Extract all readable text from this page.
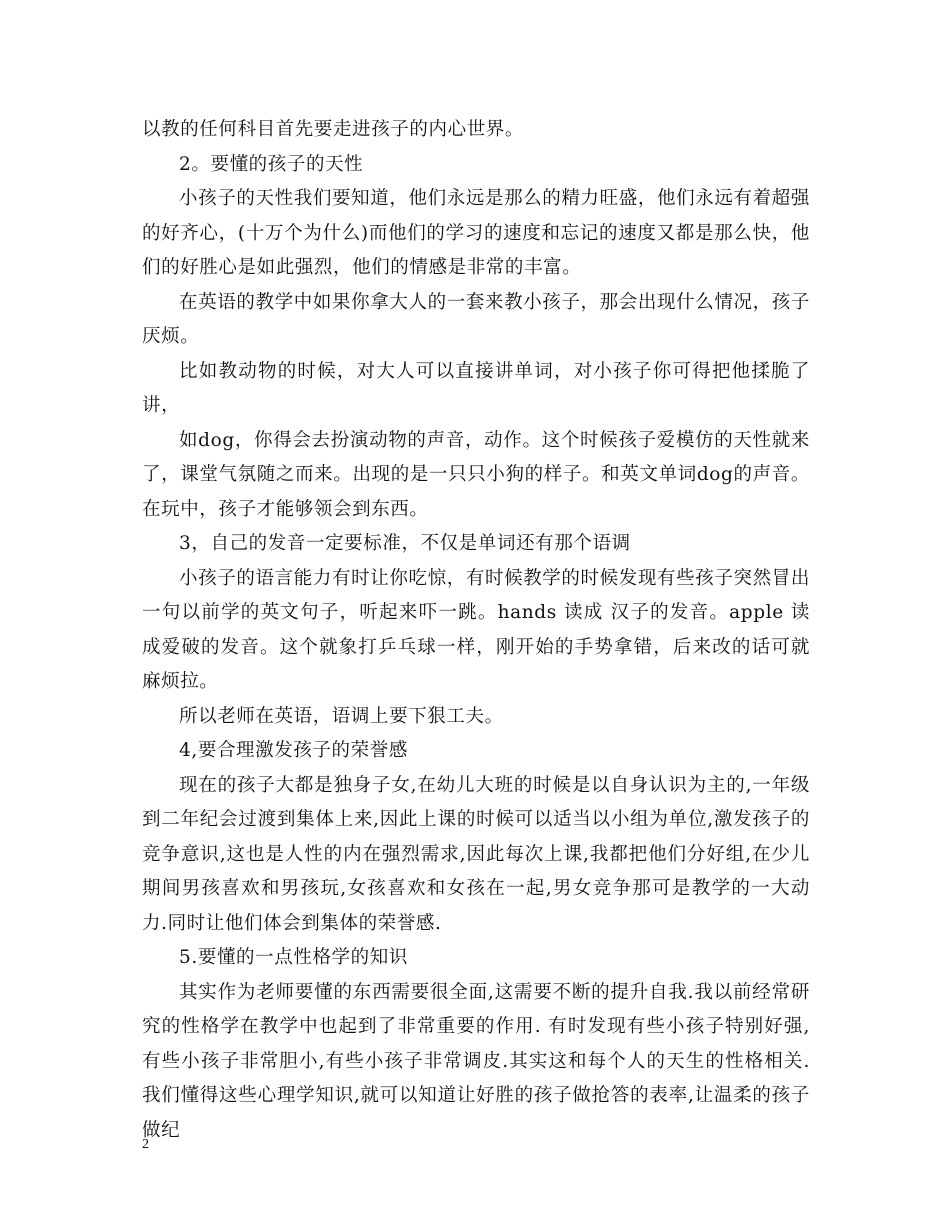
以教的任何科目首先要走进孩子的内心世界。

2。要懂的孩子的天性

小孩子的天性我们要知道，他们永远是那么的精力旺盛，他们永远有着超强的好齐心，(十万个为什么)而他们的学习的速度和忘记的速度又都是那么快，他们的好胜心是如此强烈，他们的情感是非常的丰富。

在英语的教学中如果你拿大人的一套来教小孩子，那会出现什么情况，孩子厌烦。

比如教动物的时候，对大人可以直接讲单词，对小孩子你可得把他揉脆了讲，

如dog，你得会去扮演动物的声音，动作。这个时候孩子爱模仿的天性就来了，课堂气氛随之而来。出现的是一只只小狗的样子。和英文单词dog的声音。在玩中，孩子才能够领会到东西。

3，自己的发音一定要标准，不仅是单词还有那个语调

小孩子的语言能力有时让你吃惊，有时候教学的时候发现有些孩子突然冒出一句以前学的英文句子，听起来吓一跳。hands 读成 汉子的发音。apple 读成爱破的发音。这个就象打乒乓球一样，刚开始的手势拿错，后来改的话可就麻烦拉。

所以老师在英语，语调上要下狠工夫。

4,要合理激发孩子的荣誉感

现在的孩子大都是独身子女,在幼儿大班的时候是以自身认识为主的,一年级到二年纪会过渡到集体上来,因此上课的时候可以适当以小组为单位,激发孩子的竞争意识,这也是人性的内在强烈需求,因此每次上课,我都把他们分好组,在少儿期间男孩喜欢和男孩玩,女孩喜欢和女孩在一起,男女竞争那可是教学的一大动力.同时让他们体会到集体的荣誉感.

5.要懂的一点性格学的知识

其实作为老师要懂的东西需要很全面,这需要不断的提升自我.我以前经常研究的性格学在教学中也起到了非常重要的作用. 有时发现有些小孩子特别好强,有些小孩子非常胆小,有些小孩子非常调皮.其实这和每个人的天生的性格相关.我们懂得这些心理学知识,就可以知道让好胜的孩子做抢答的表率,让温柔的孩子做纪

2
